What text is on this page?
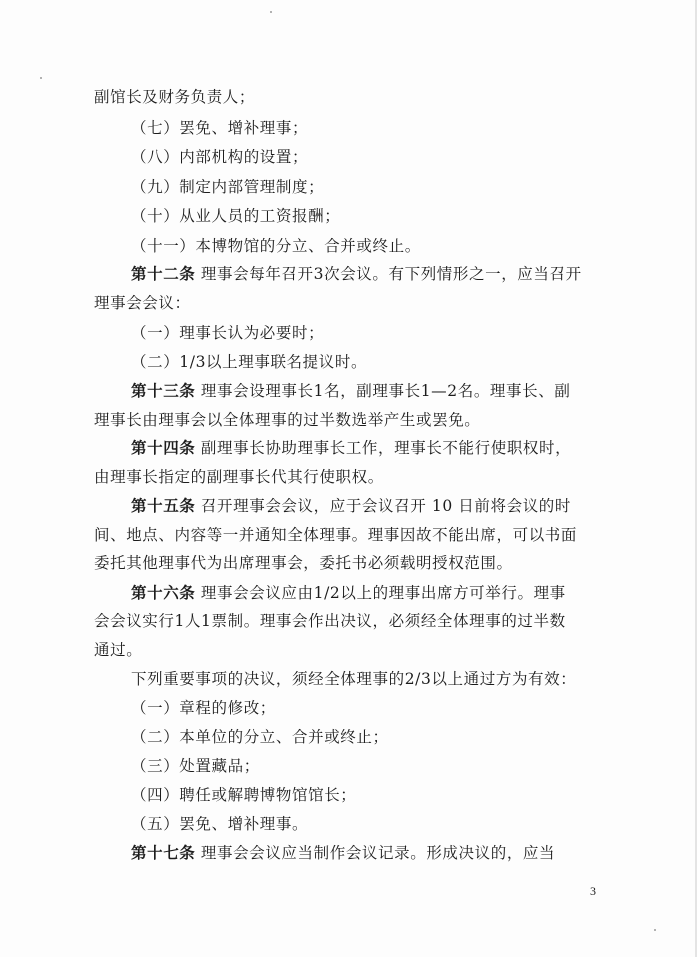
副馆长及财务负责人；
（七）罢免、增补理事；
（八）内部机构的设置；
（九）制定内部管理制度；
（十）从业人员的工资报酬；
（十一）本博物馆的分立、合并或终止。
第十二条 理事会每年召开3次会议。有下列情形之一，应当召开
理事会会议：
（一）理事长认为必要时；
（二）1/3以上理事联名提议时。
第十三条 理事会设理事长1名，副理事长1—2名。理事长、副
理事长由理事会以全体理事的过半数选举产生或罢免。
第十四条 副理事长协助理事长工作，理事长不能行使职权时，
由理事长指定的副理事长代其行使职权。
第十五条 召开理事会会议，应于会议召开 10 日前将会议的时
间、地点、内容等一并通知全体理事。理事因故不能出席，可以书面
委托其他理事代为出席理事会，委托书必须载明授权范围。
第十六条 理事会会议应由1/2以上的理事出席方可举行。理事
会会议实行1人1票制。理事会作出决议，必须经全体理事的过半数
通过。
下列重要事项的决议，须经全体理事的2/3以上通过方为有效：
（一）章程的修改；
（二）本单位的分立、合并或终止；
（三）处置藏品；
（四）聘任或解聘博物馆馆长；
（五）罢免、增补理事。
第十七条 理事会会议应当制作会议记录。形成决议的，应当
3
